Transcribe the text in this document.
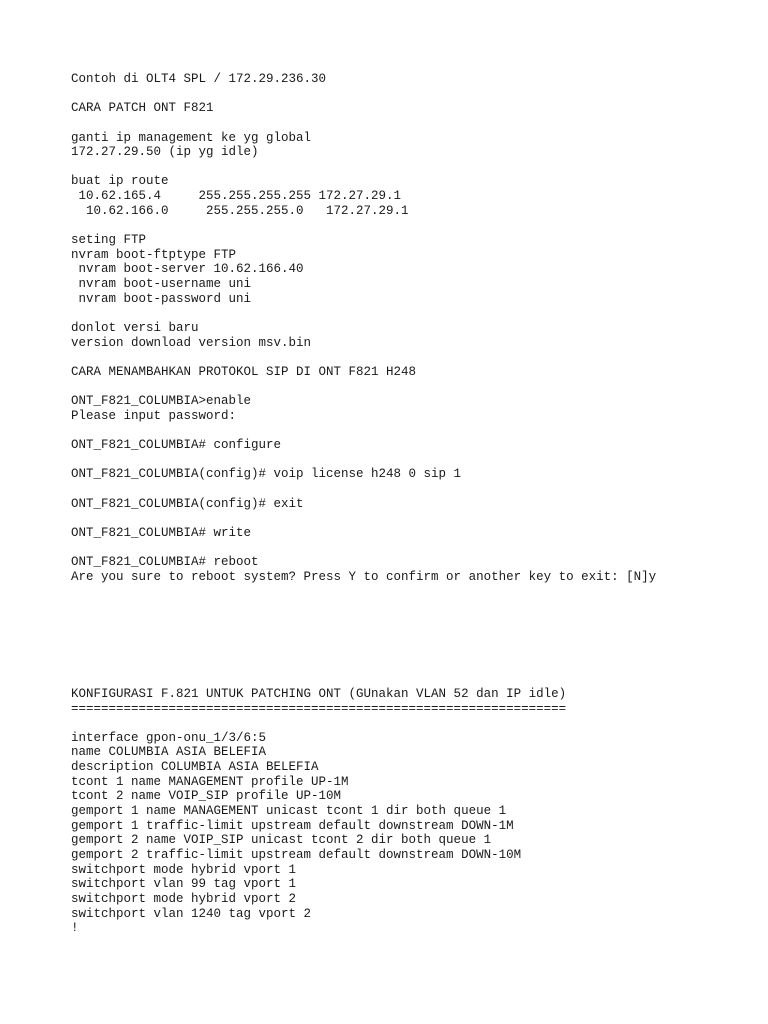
Contoh di OLT4 SPL / 172.29.236.30
CARA PATCH ONT F821
ganti ip management ke yg global
172.27.29.50 (ip yg idle)
buat ip route
10.62.165.4     255.255.255.255 172.27.29.1
10.62.166.0     255.255.255.0   172.27.29.1
seting FTP
nvram boot-ftptype FTP
nvram boot-server 10.62.166.40
nvram boot-username uni
nvram boot-password uni
donlot versi baru
version download version msv.bin
CARA MENAMBAHKAN PROTOKOL SIP DI ONT F821 H248
ONT_F821_COLUMBIA>enable
Please input password:
ONT_F821_COLUMBIA# configure
ONT_F821_COLUMBIA(config)# voip license h248 0 sip 1
ONT_F821_COLUMBIA(config)# exit
ONT_F821_COLUMBIA# write
ONT_F821_COLUMBIA# reboot
Are you sure to reboot system? Press Y to confirm or another key to exit: [N]y
KONFIGURASI F.821 UNTUK PATCHING ONT (GUnakan VLAN 52 dan IP idle)
==================================================================
interface gpon-onu_1/3/6:5
name COLUMBIA ASIA BELEFIA
description COLUMBIA ASIA BELEFIA
tcont 1 name MANAGEMENT profile UP-1M
tcont 2 name VOIP_SIP profile UP-10M
gemport 1 name MANAGEMENT unicast tcont 1 dir both queue 1
gemport 1 traffic-limit upstream default downstream DOWN-1M
gemport 2 name VOIP_SIP unicast tcont 2 dir both queue 1
gemport 2 traffic-limit upstream default downstream DOWN-10M
switchport mode hybrid vport 1
switchport vlan 99 tag vport 1
switchport mode hybrid vport 2
switchport vlan 1240 tag vport 2
!
